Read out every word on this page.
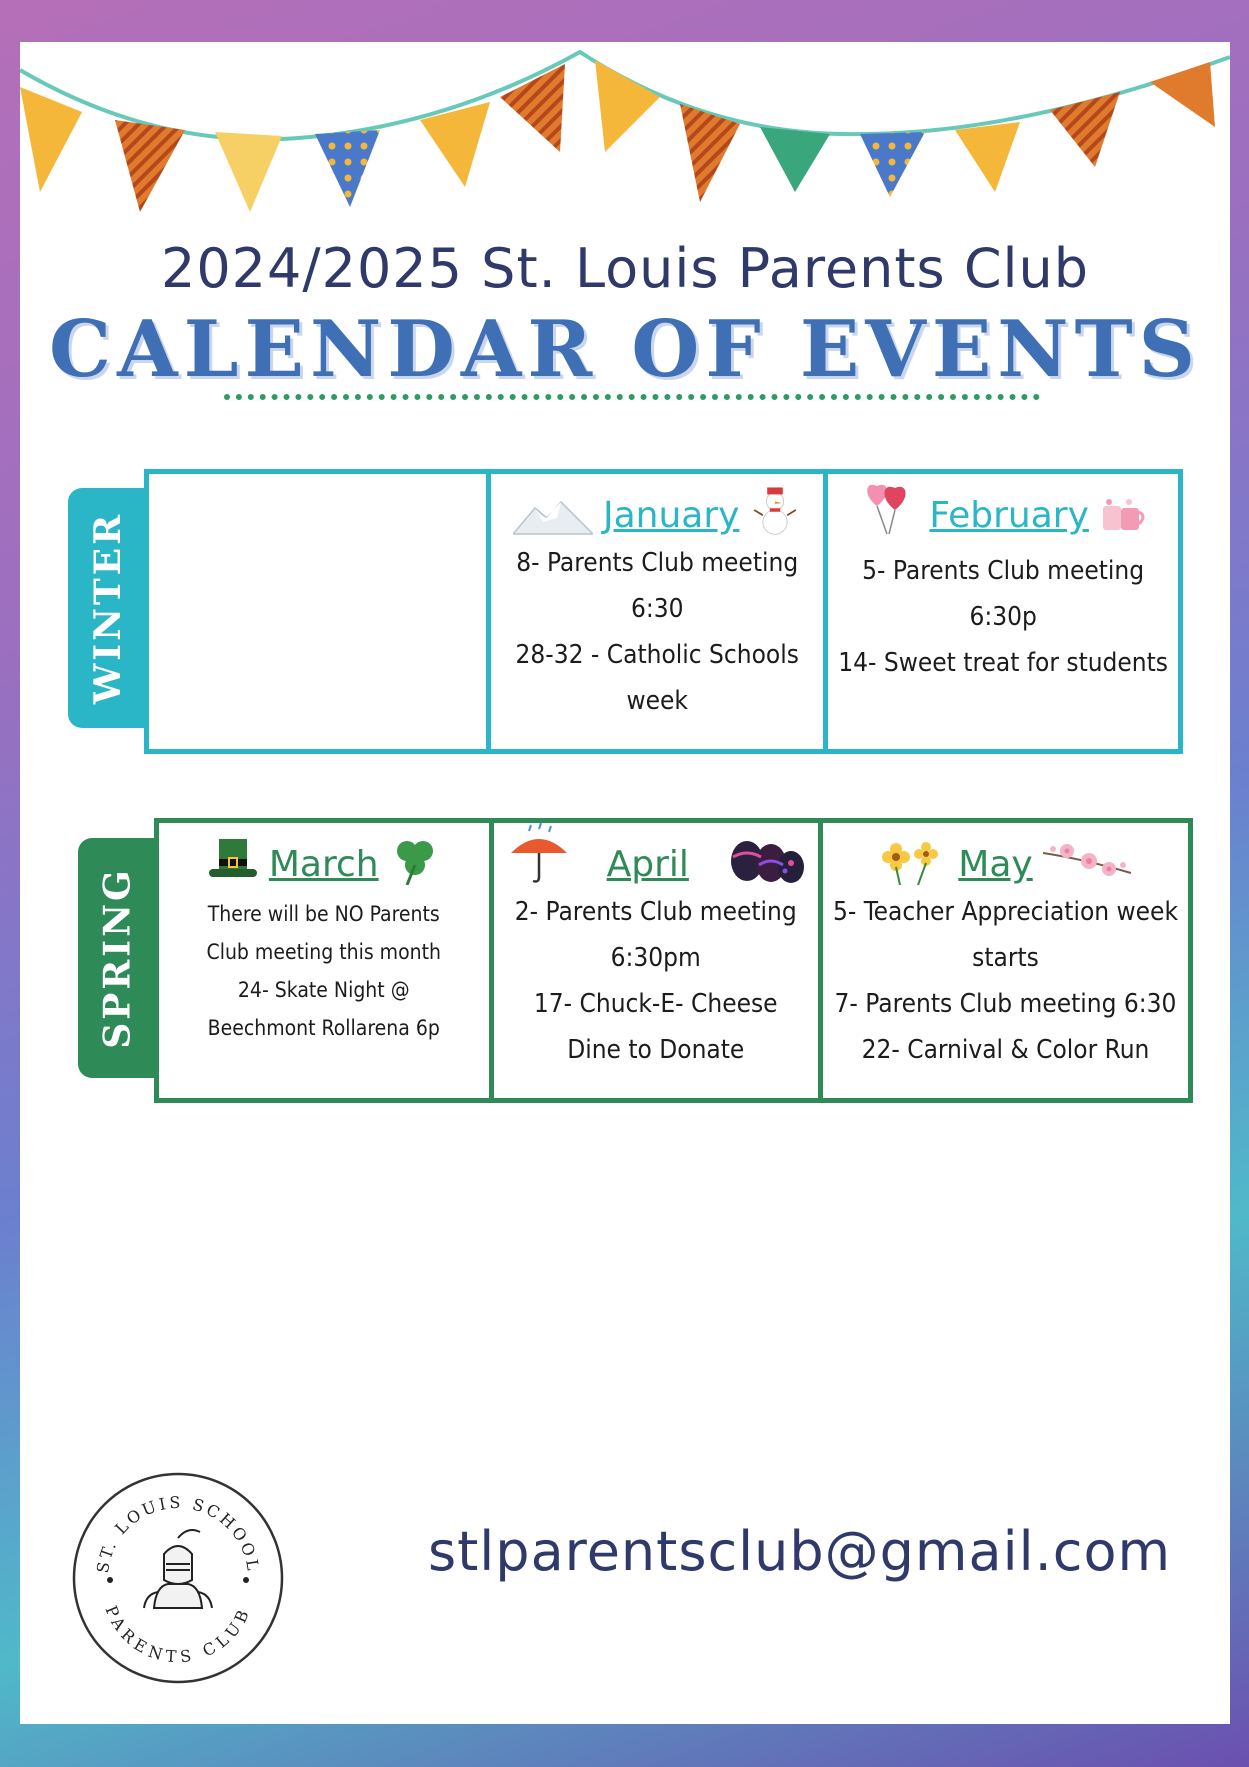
2024/2025 St. Louis Parents Club
CALENDAR OF EVENTS
WINTER	January
8- Parents Club meeting
6:30
28-32 - Catholic Schools
week
February
5- Parents Club meeting
6:30p
14- Sweet treat for students
SPRING
March
There will be NO Parents
Club meeting this month
24- Skate Night @
Beechmont Rollarena 6p
April
2- Parents Club meeting
6:30pm
17- Chuck-E- Cheese
Dine to Donate
May
5- Teacher Appreciation week
starts
7- Parents Club meeting 6:30
22- Carnival & Color Run
ST. LOUIS SCHOOL
PARENTS CLUB
stlparentsclub@gmail.com
